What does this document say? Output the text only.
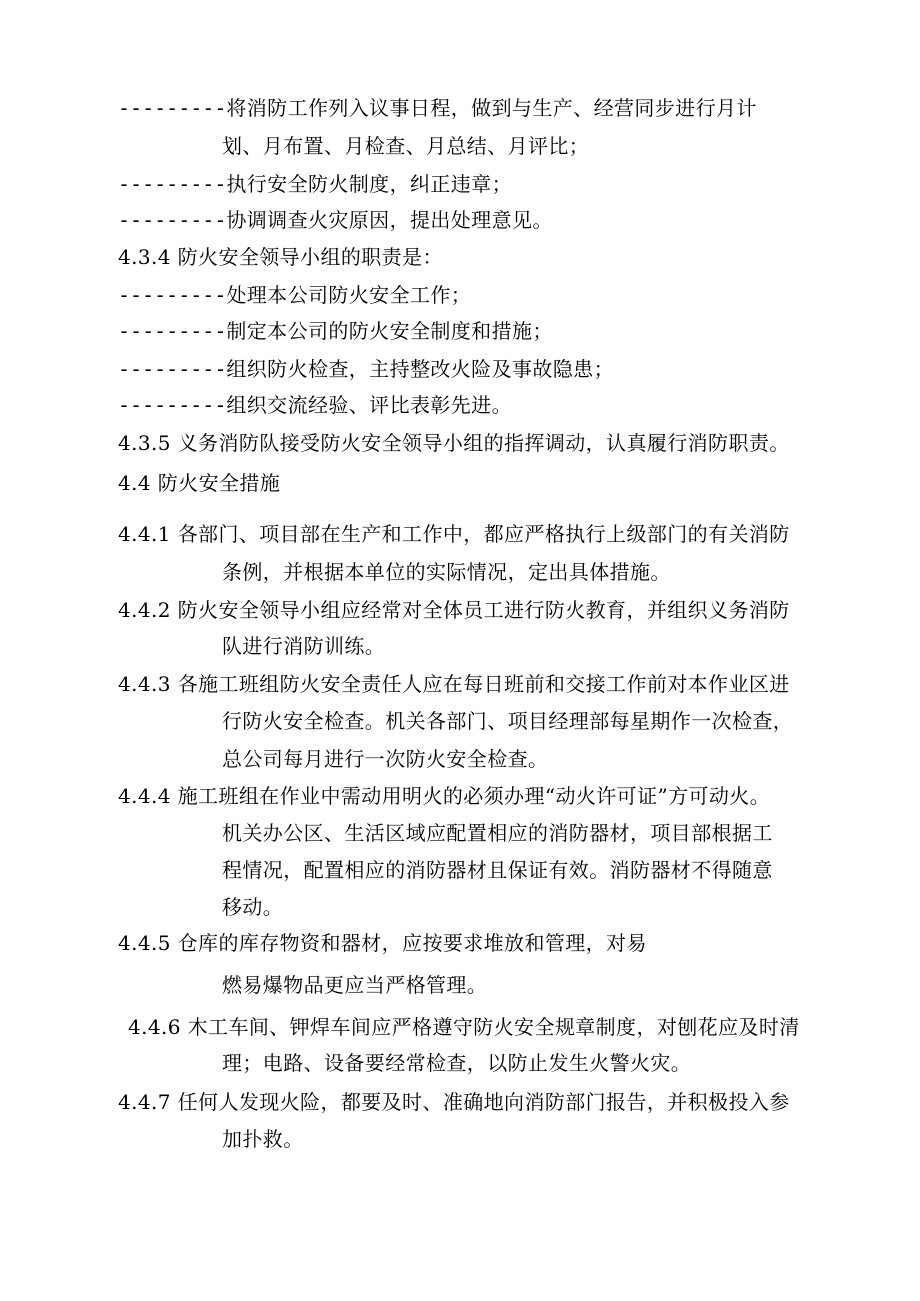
---------将消防工作列入议事日程，做到与生产、经营同步进行月计
划、月布置、月检查、月总结、月评比；
---------执行安全防火制度，纠正违章；
---------协调调查火灾原因，提出处理意见。
4.3.4 防火安全领导小组的职责是：
---------处理本公司防火安全工作；
---------制定本公司的防火安全制度和措施；
---------组织防火检查，主持整改火险及事故隐患；
---------组织交流经验、评比表彰先进。
4.3.5 义务消防队接受防火安全领导小组的指挥调动，认真履行消防职责。
4.4 防火安全措施
4.4.1 各部门、项目部在生产和工作中，都应严格执行上级部门的有关消防
条例，并根据本单位的实际情况，定出具体措施。
4.4.2 防火安全领导小组应经常对全体员工进行防火教育，并组织义务消防
队进行消防训练。
4.4.3 各施工班组防火安全责任人应在每日班前和交接工作前对本作业区进
行防火安全检查。机关各部门、项目经理部每星期作一次检查，
总公司每月进行一次防火安全检查。
4.4.4 施工班组在作业中需动用明火的必须办理“动火许可证”方可动火。
机关办公区、生活区域应配置相应的消防器材，项目部根据工
程情况，配置相应的消防器材且保证有效。消防器材不得随意
移动。
4.4.5 仓库的库存物资和器材，应按要求堆放和管理，对易
燃易爆物品更应当严格管理。
4.4.6 木工车间、钾焊车间应严格遵守防火安全规章制度，对刨花应及时清
理；电路、设备要经常检查，以防止发生火警火灾。
4.4.7 任何人发现火险，都要及时、准确地向消防部门报告，并积极投入参
加扑救。
